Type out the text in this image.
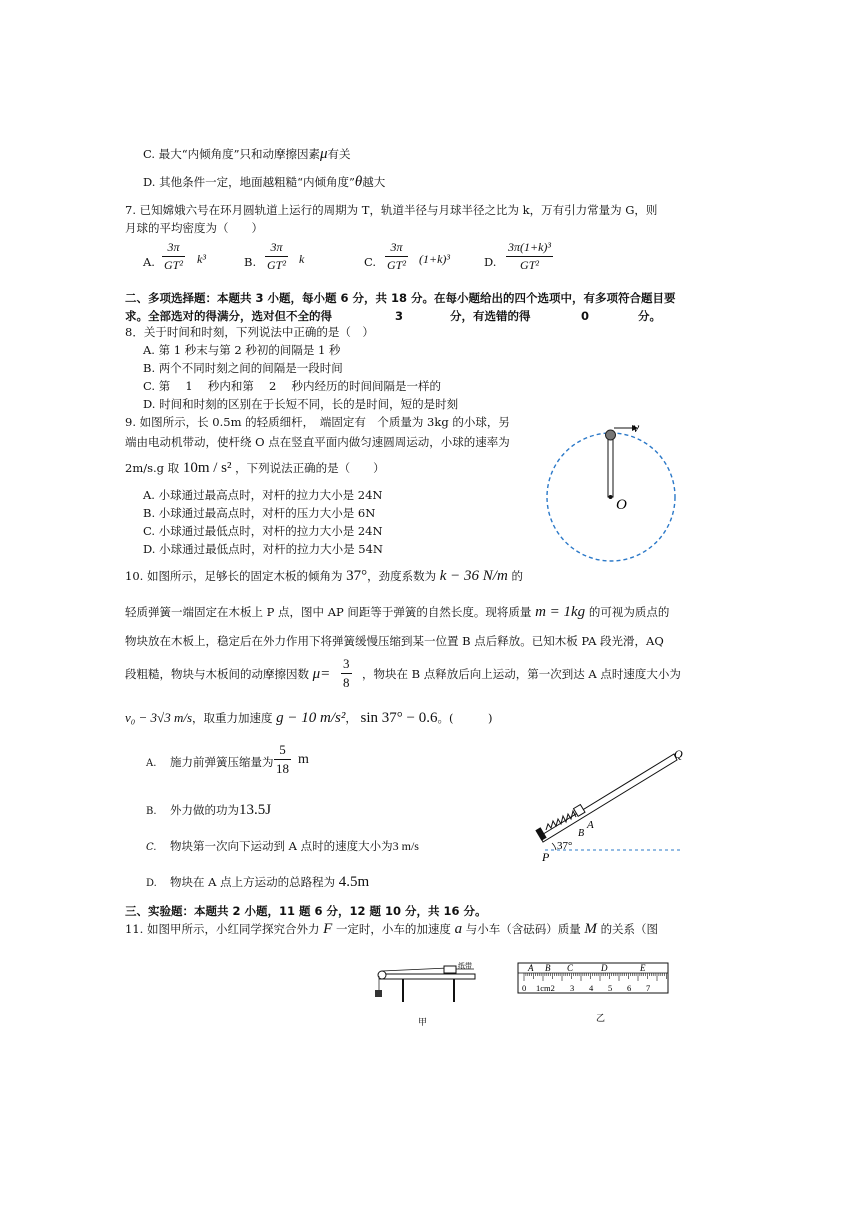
C. 最大“内倾角度”只和动摩擦因素μ有关
D. 其他条件一定，地面越粗糙“内倾角度”θ越大
7. 已知嫦娥六号在环月圆轨道上运行的周期为 T，轨道半径与月球半径之比为 k，万有引力常量为 G，则
月球的平均密度为（　　）
A. $\frac{3\pi}{\text{GT²}} k^3$	B. $\frac{3\pi}{\text{GT²}}$ k	C. $\frac{3\pi}{\text{GT²}} (1+k)^3$	D. $\frac{\text{3π(1+k)³}}{\text{GT²}}$
二、多项选择题：本题共 3 小题，每小题 6 分，共 18 分。在每小题给出的四个选项中，有多项符合题目要
求。全部选对的得满分，选对但不全的得	3	分，有选错的得	0	分。
8．关于时间和时刻，下列说法中正确的是（　）
A. 第 1 秒末与第 2 秒初的间隔是 1 秒
B. 两个不同时刻之间的间隔是一段时间
C. 第　 1　 秒内和第　 2　 秒内经历的时间间隔是一样的
D. 时间和时刻的区别在于长短不同，长的是时间，短的是时刻
9. 如图所示，长 0.5m 的轻质细杆，　端固定有　个质量为 3kg 的小球，另
端由电动机带动，使杆绕 O 点在竖直平面内做匀速圆周运动，小球的速率为
2m/s.g 取 10m / s² ，下列说法正确的是（　　）
A. 小球通过最高点时，对杆的拉力大小是 24N
B. 小球通过最高点时，对杆的压力大小是 6N
C. 小球通过最低点时，对杆的拉力大小是 24N
D. 小球通过最低点时，对杆的拉力大小是 54N
v
O
10. 如图所示，足够长的固定木板的倾角为 37°，劲度系数为 k − 36 N/m 的
轻质弹簧一端固定在木板上 P 点，图中 AP 间距等于弹簧的自然长度。现将质量 m = 1kg 的可视为质点的
物块放在木板上，稳定后在外力作用下将弹簧缓慢压缩到某一位置 B 点后释放。已知木板 PA 段光滑，AQ
段粗糙，物块与木板间的动摩擦因数 $\mu= \frac{3}{8}$ ，物块在 B 点释放后向上运动，第一次到达 A 点时速度大小为
v₀ − 3√3 m/s，取重力加速度 g − 10 m/s²， sin 37° − 0.6。(　　　)
A. 施力前弹簧压缩量为 $\frac{5}{18}$ m
B. 外力做的功为13.5J
C. 物块第一次向下运动到 A 点时的速度大小为3 m/s
D. 物块在 A 点上方运动的总路程为 4.5m
Q
A
B
P
37°
三、实验题：本题共 2 小题，11 题 6 分，12 题 10 分，共 16 分。
11. 如图甲所示，小红同学探究合外力 F 一定时，小车的加速度 a 与小车（含砝码）质量 M 的关系（图
纸带
甲
A B C	D	E
0 1cm2 3 4 5 6 7
乙
